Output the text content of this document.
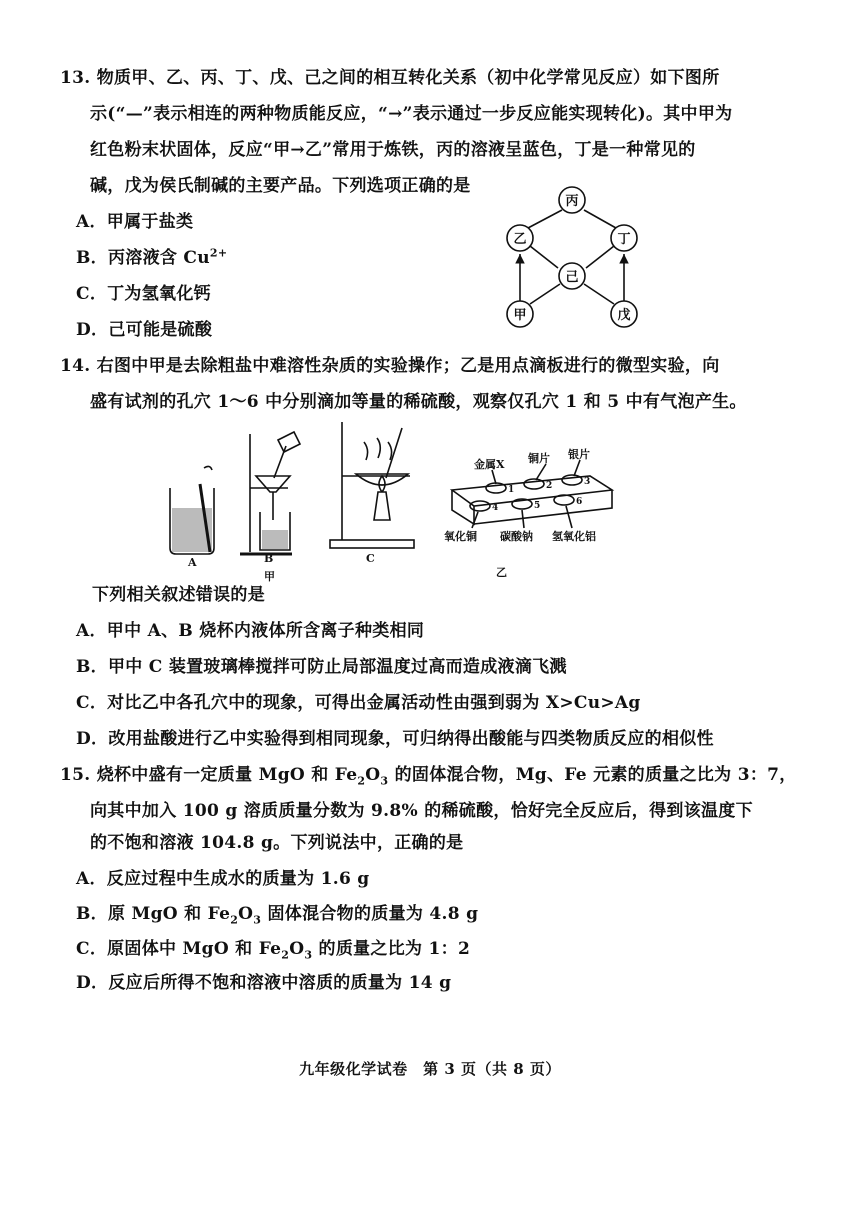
13. 物质甲、乙、丙、丁、戊、己之间的相互转化关系（初中化学常见反应）如下图所
示(“—”表示相连的两种物质能反应，“→”表示通过一步反应能实现转化)。其中甲为
红色粉末状固体，反应“甲→乙”常用于炼铁，丙的溶液呈蓝色，丁是一种常见的
碱，戊为侯氏制碱的主要产品。下列选项正确的是
A．甲属于盐类
B．丙溶液含 $Cu^{2+}$
C．丁为氢氧化钙
D．己可能是硫酸
丙
乙	丁
己
甲	戊
14. 右图中甲是去除粗盐中难溶性杂质的实验操作；乙是用点滴板进行的微型实验，向
盛有试剂的孔穴 1～6 中分别滴加等量的稀硫酸，观察仅孔穴 1 和 5 中有气泡产生。
A	B
甲
C
乙
金属X 铜片 银片
氧化铜 碳酸钠 氢氧化铝
1	2	3
4	5	6
下列相关叙述错误的是
A．甲中 A、B 烧杯内液体所含离子种类相同
B．甲中 C 装置玻璃棒搅拌可防止局部温度过高而造成液滴飞溅
C．对比乙中各孔穴中的现象，可得出金属活动性由强到弱为 X>Cu>Ag
D．改用盐酸进行乙中实验得到相同现象，可归纳得出酸能与四类物质反应的相似性
15. 烧杯中盛有一定质量 MgO 和 $Fe_2O_3$ 的固体混合物，Mg、Fe 元素的质量之比为 3：7，
向其中加入 100 g 溶质质量分数为 9.8% 的稀硫酸，恰好完全反应后，得到该温度下
的不饱和溶液 104.8 g。下列说法中，正确的是
A．反应过程中生成水的质量为 1.6 g
B．原 MgO 和 $Fe_2O_3$ 固体混合物的质量为 4.8 g
C．原固体中 MgO 和 $Fe_2O_3$ 的质量之比为 1：2
D．反应后所得不饱和溶液中溶质的质量为 14 g
九年级化学试卷　第 3 页（共 8 页）
